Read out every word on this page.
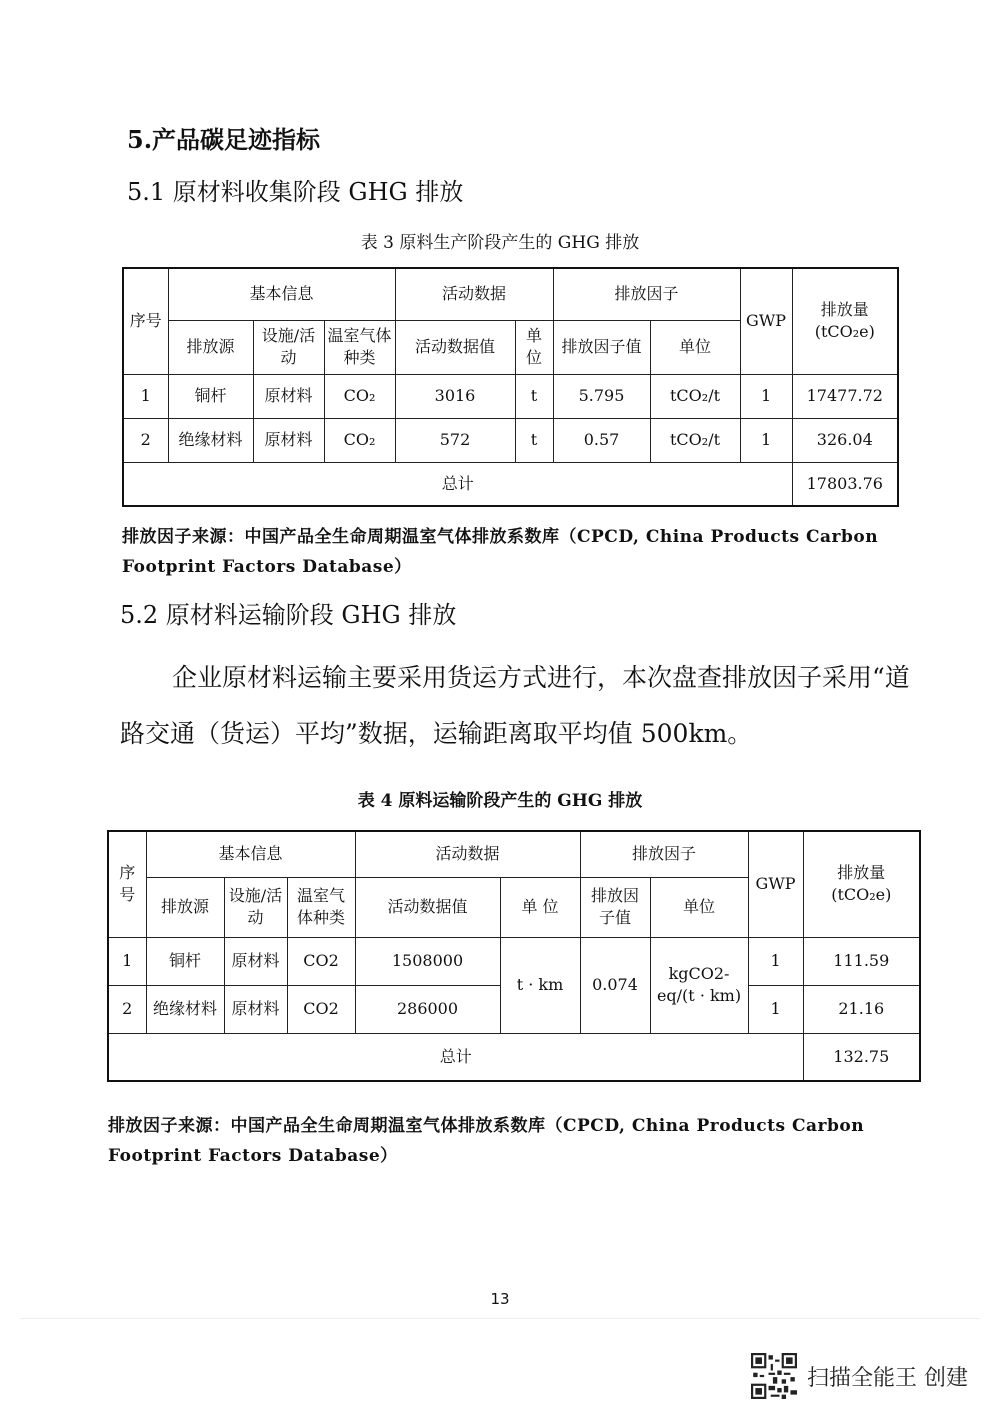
5.产品碳足迹指标
5.1 原材料收集阶段 GHG 排放
表 3 原料生产阶段产生的 GHG 排放
序号	基本信息			活动数据		排放因子		GWP	排放量
(tCO₂e)
	排放源	设施/活动	温室气体种类	活动数据值	单位	排放因子值	单位		
1	铜杆	原材料	CO₂	3016	t	5.795	tCO₂/t	1	17477.72
2	绝缘材料	原材料	CO₂	572	t	0.57	tCO₂/t	1	326.04
总计									17803.76
排放因子来源：中国产品全生命周期温室气体排放系数库（CPCD, China Products Carbon Footprint Factors Database）
5.2 原材料运输阶段 GHG 排放
企业原材料运输主要采用货运方式进行，本次盘查排放因子采用“道路交通（货运）平均”数据，运输距离取平均值 500km。
表 4 原料运输阶段产生的 GHG 排放
序号	基本信息			活动数据		排放因子		GWP	排放量
(tCO₂e)
	排放源	设施/活动	温室气体种类	活动数据值	单 位	排放因子值	单位		
1	铜杆	原材料	CO2	1508000	t · km	0.074	kgCO2-eq/(t · km)	1	111.59
2	绝缘材料	原材料	CO2	286000				1	21.16
总计									132.75
排放因子来源：中国产品全生命周期温室气体排放系数库（CPCD, China Products Carbon Footprint Factors Database）
13
扫描全能王 创建
